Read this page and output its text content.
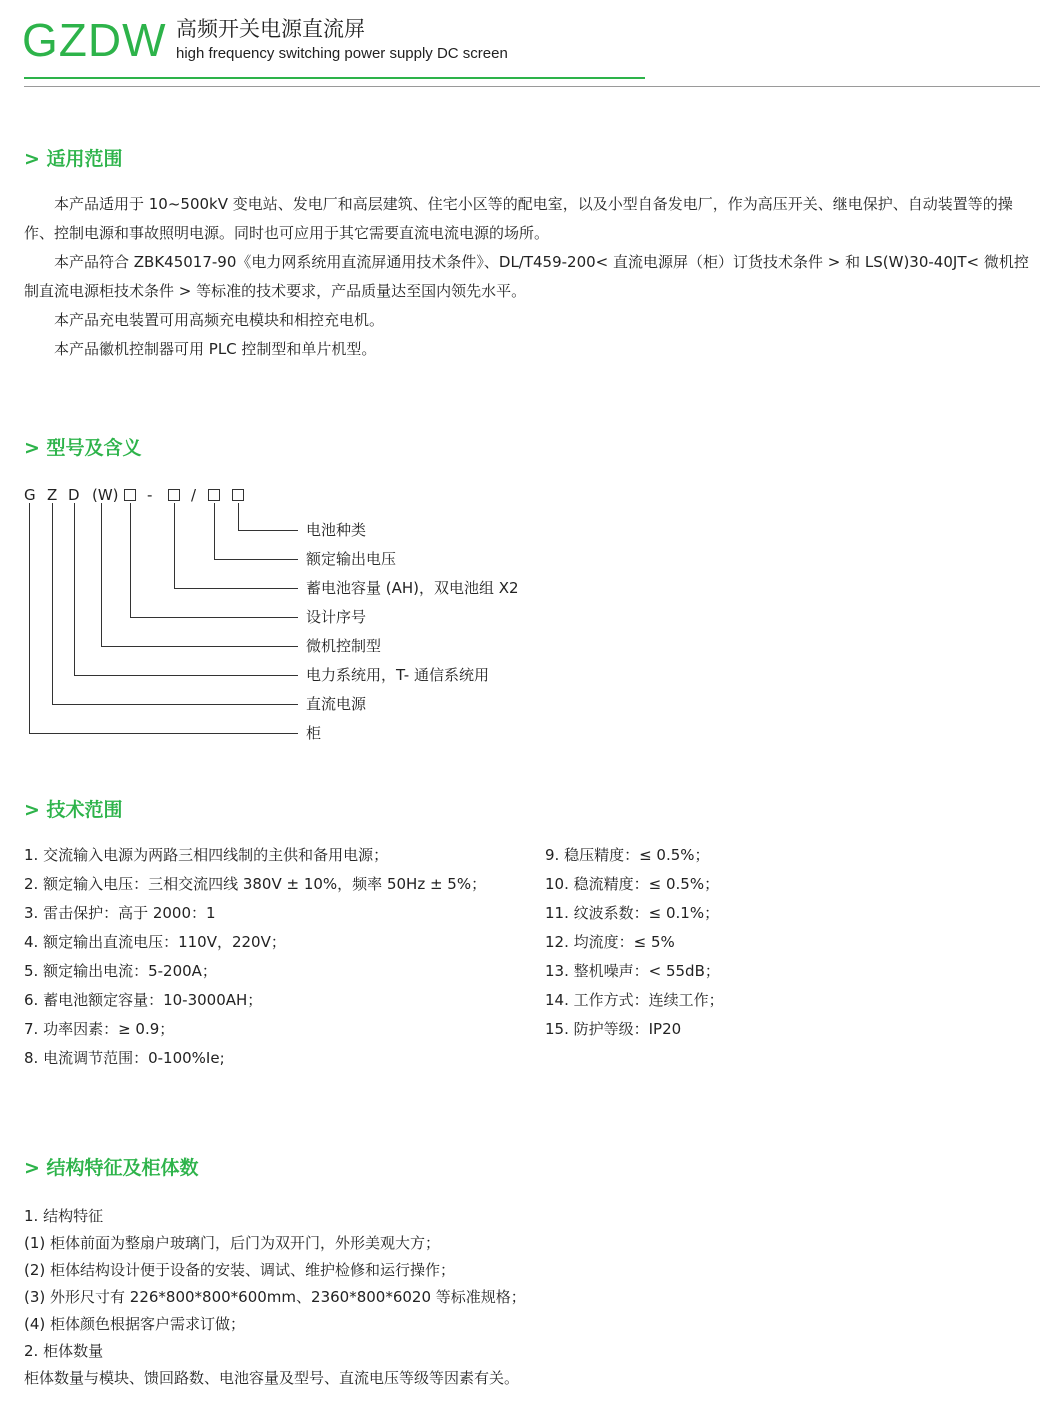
GZDW 高频开关电源直流屏
high frequency switching power supply DC screen
> 适用范围

本产品适用于 10~500kV 变电站、发电厂和高层建筑、住宅小区等的配电室，以及小型自备发电厂，作为高压开关、继电保护、自动装置等的操作、控制电源和事故照明电源。同时也可应用于其它需要直流电流电源的场所。

本产品符合 ZBK45017-90《电力网系统用直流屏通用技术条件》、DL/T459-200< 直流电源屏（柜）订货技术条件 > 和 LS(W)30-40JT< 微机控制直流电源柜技术条件 > 等标准的技术要求，产品质量达至国内领先水平。

本产品充电装置可用高频充电模块和相控充电机。

本产品徽机控制器可用 PLC 控制型和单片机型。

> 型号及含义
G Z D (W) -	/
电池种类
额定输出电压
蓄电池容量 (AH)，双电池组 X2
设计序号
微机控制型
电力系统用，T- 通信系统用
直流电源
柜
> 技术范围
1. 交流输入电源为两路三相四线制的主供和备用电源；
2. 额定输入电压：三相交流四线 380V ± 10%，频率 50Hz ± 5%；
3. 雷击保护：高于 2000：1
4. 额定输出直流电压：110V，220V；
5. 额定输出电流：5-200A；
6. 蓄电池额定容量：10-3000AH；
7. 功率因素：≥ 0.9；
8. 电流调节范围：0-100%Ie;
9. 稳压精度：≤ 0.5%；
10. 稳流精度：≤ 0.5%；
11. 纹波系数：≤ 0.1%；
12. 均流度：≤ 5%
13. 整机噪声：< 55dB；
14. 工作方式：连续工作；
15. 防护等级：IP20
> 结构特征及柜体数
1. 结构特征
(1) 柜体前面为整扇户玻璃门，后门为双开门，外形美观大方；
(2) 柜体结构设计便于设备的安装、调试、维护检修和运行操作；
(3) 外形尺寸有 226*800*800*600mm、2360*800*6020 等标准规格；
(4) 柜体颜色根据客户需求订做；
2. 柜体数量
柜体数量与模块、馈回路数、电池容量及型号、直流电压等级等因素有关。
